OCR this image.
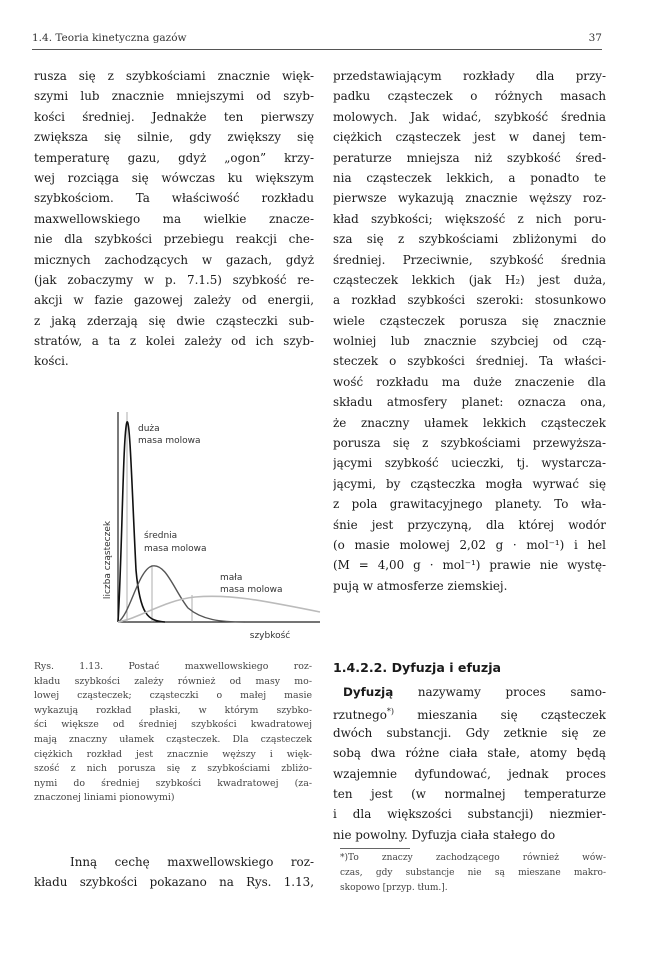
1.4. Teoria kinetyczna gazów	37
rusza się z szybkościami znacznie więk-
szymi lub znacznie mniejszymi od szyb-
kości średniej. Jednakże ten pierwszy
zwiększa się silnie, gdy zwiększy się
temperaturę gazu, gdyż „ogon” krzy-
wej rozciąga się wówczas ku większym
szybkościom. Ta właściwość rozkładu
maxwellowskiego ma wielkie znacze-
nie dla szybkości przebiegu reakcji che-
micznych zachodzących w gazach, gdyż
(jak zobaczymy w p. 7.1.5) szybkość re-
akcji w fazie gazowej zależy od energii,
z jaką zderzają się dwie cząsteczki sub-
stratów, a ta z kolei zależy od ich szyb-
kości.
liczba cząsteczek
szybkość
duża
masa molowa
średnia
masa molowa
mała
masa molowa
Rys. 1.13. Postać maxwellowskiego roz-
kładu szybkości zależy również od masy mo-
lowej cząsteczek; cząsteczki o małej masie
wykazują rozkład płaski, w którym szybko-
ści większe od średniej szybkości kwadratowej
mają znaczny ułamek cząsteczek. Dla cząsteczek
ciężkich rozkład jest znacznie węższy i więk-
szość z nich porusza się z szybkościami zbliżo-
nymi do średniej szybkości kwadratowej (za-
znaczonej liniami pionowymi)
Inną cechę maxwellowskiego roz-
kładu szybkości pokazano na Rys. 1.13,
przedstawiającym rozkłady dla przy-
padku cząsteczek o różnych masach
molowych. Jak widać, szybkość średnia
ciężkich cząsteczek jest w danej tem-
peraturze mniejsza niż szybkość śred-
nia cząsteczek lekkich, a ponadto te
pierwsze wykazują znacznie węższy roz-
kład szybkości; większość z nich poru-
sza się z szybkościami zbliżonymi do
średniej. Przeciwnie, szybkość średnia
cząsteczek lekkich (jak H₂) jest duża,
a rozkład szybkości szeroki: stosunkowo
wiele cząsteczek porusza się znacznie
wolniej lub znacznie szybciej od czą-
steczek o szybkości średniej. Ta właści-
wość rozkładu ma duże znaczenie dla
składu atmosfery planet: oznacza ona,
że znaczny ułamek lekkich cząsteczek
porusza się z szybkościami przewyższa-
jącymi szybkość ucieczki, tj. wystarcza-
jącymi, by cząsteczka mogła wyrwać się
z pola grawitacyjnego planety. To wła-
śnie jest przyczyną, dla której wodór
(o masie molowej 2,02 g · mol⁻¹) i hel
(M = 4,00 g · mol⁻¹) prawie nie wystę-
pują w atmosferze ziemskiej.
1.4.2.2. Dyfuzja i efuzja
Dyfuzją nazywamy proces samo-
rzutnego*) mieszania się cząsteczek
dwóch substancji. Gdy zetknie się ze
sobą dwa różne ciała stałe, atomy będą
wzajemnie dyfundować, jednak proces
ten jest (w normalnej temperaturze
i dla większości substancji) niezmier-
nie powolny. Dyfuzja ciała stałego do
*)To znaczy zachodzącego również wów-
czas, gdy substancje nie są mieszane makro-
skopowo [przyp. tłum.].
